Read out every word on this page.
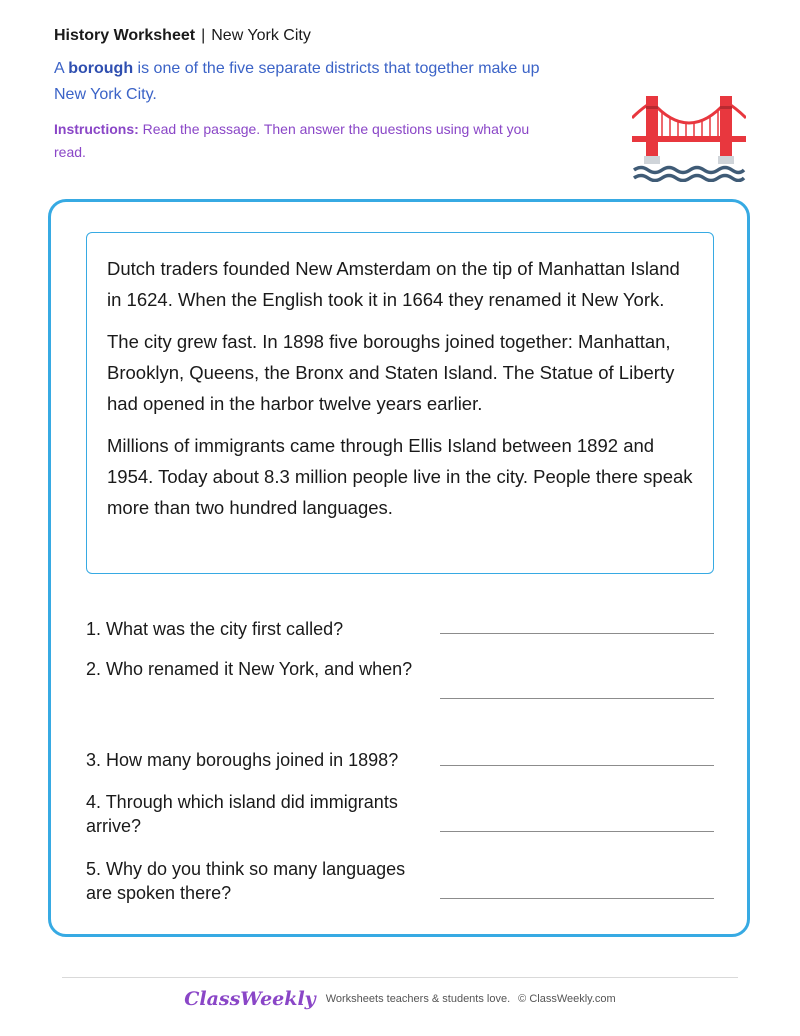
History Worksheet | New York City
A borough is one of the five separate districts that together make up New York City.
Instructions: Read the passage. Then answer the questions using what you read.

Dutch traders founded New Amsterdam on the tip of Manhattan Island in 1624. When the English took it in 1664 they renamed it New York.

The city grew fast. In 1898 five boroughs joined together: Manhattan, Brooklyn, Queens, the Bronx and Staten Island. The Statue of Liberty had opened in the harbor twelve years earlier.

Millions of immigrants came through Ellis Island between 1892 and 1954. Today about 8.3 million people live in the city. People there speak more than two hundred languages.

1. What was the city first called?
2. Who renamed it New York, and when?
3. How many boroughs joined in 1898?
4. Through which island did immigrants arrive?
5. Why do you think so many languages are spoken there?
ClassWeekly Worksheets teachers & students love. © ClassWeekly.com
